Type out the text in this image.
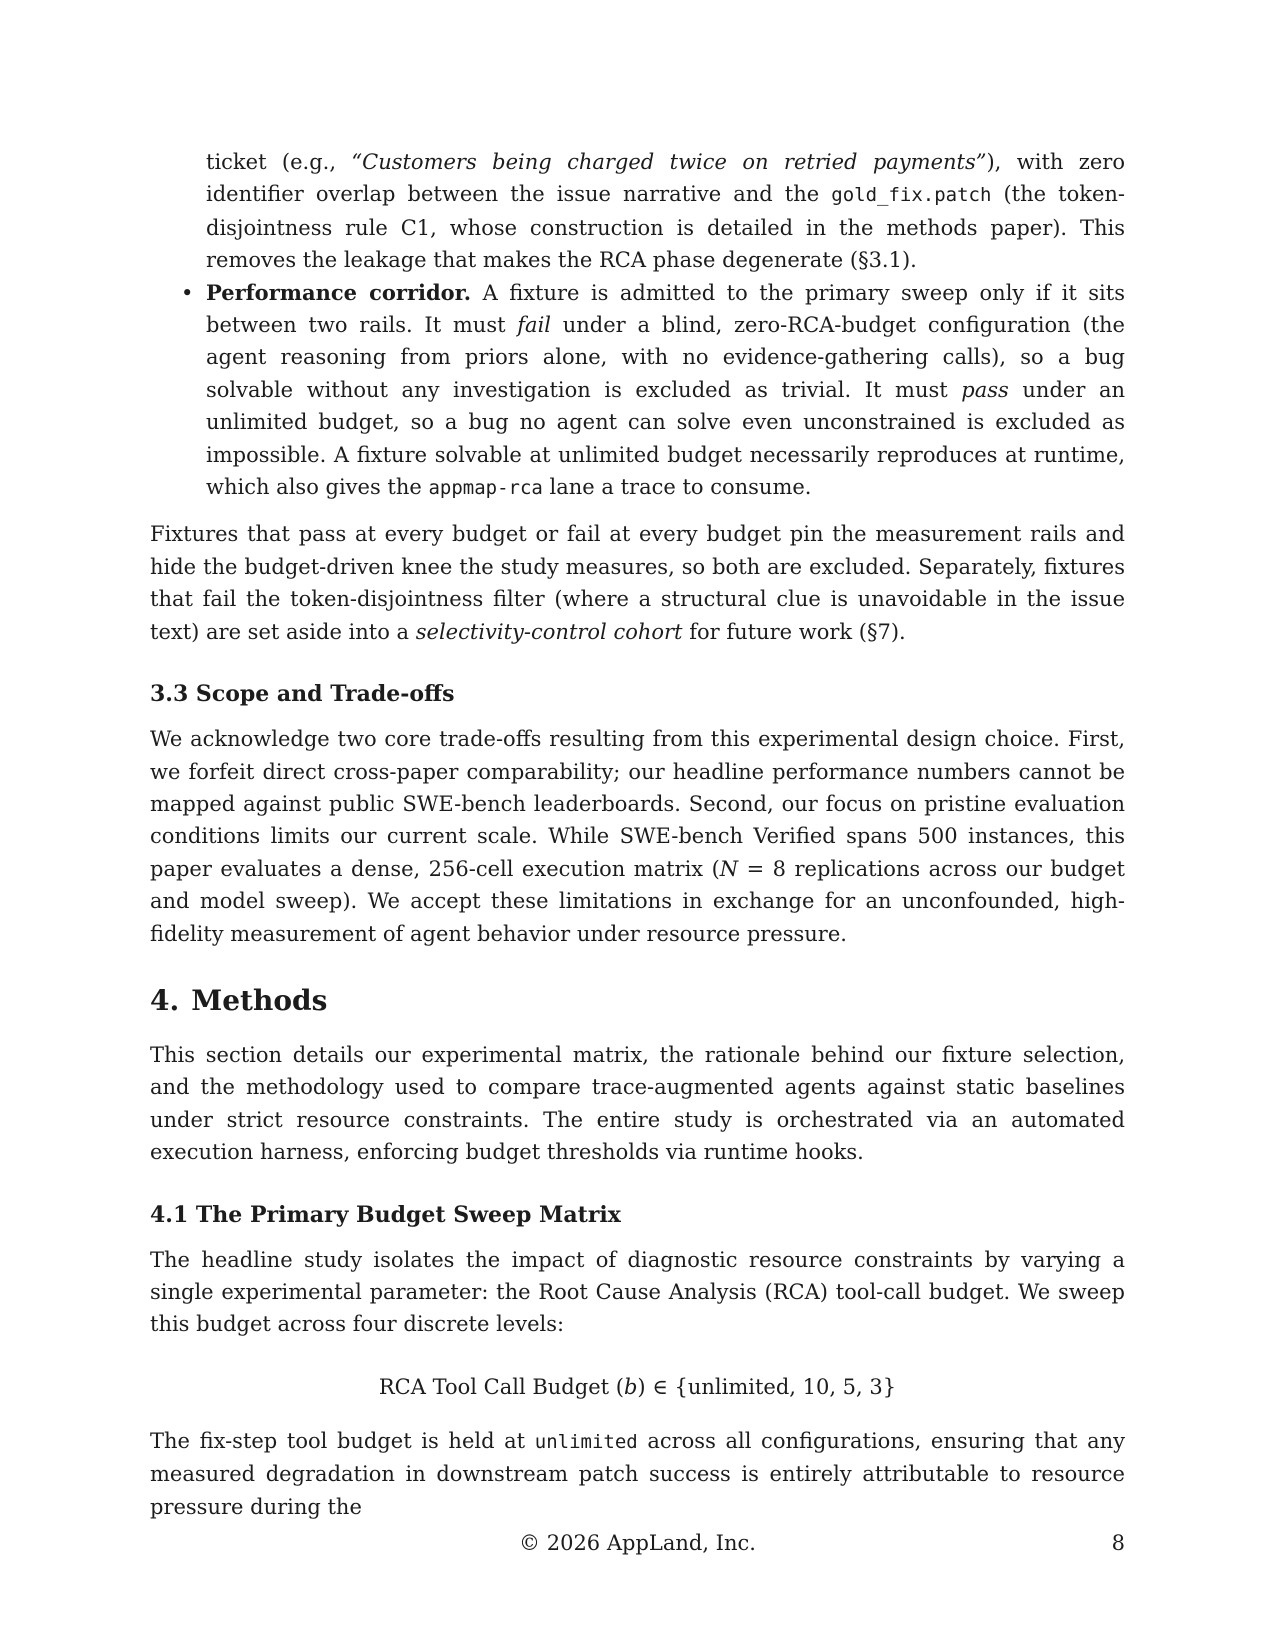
ticket (e.g., “Customers being charged twice on retried payments”), with zero identifier overlap between the issue narrative and the gold_fix.patch (the token-disjointness rule C1, whose construction is detailed in the methods paper). This removes the leakage that makes the RCA phase degenerate (§3.1).
• Performance corridor. A fixture is admitted to the primary sweep only if it sits between two rails. It must fail under a blind, zero-RCA-budget configuration (the agent reasoning from priors alone, with no evidence-gathering calls), so a bug solvable without any investigation is excluded as trivial. It must pass under an unlimited budget, so a bug no agent can solve even unconstrained is excluded as impossible. A fixture solvable at unlimited budget necessarily reproduces at runtime, which also gives the appmap-rca lane a trace to consume.

Fixtures that pass at every budget or fail at every budget pin the measurement rails and hide the budget-driven knee the study measures, so both are excluded. Separately, fixtures that fail the token-disjointness filter (where a structural clue is unavoidable in the issue text) are set aside into a selectivity-control cohort for future work (§7).

3.3 Scope and Trade-offs

We acknowledge two core trade-offs resulting from this experimental design choice. First, we forfeit direct cross-paper comparability; our headline performance numbers cannot be mapped against public SWE-bench leaderboards. Second, our focus on pristine evaluation conditions limits our current scale. While SWE-bench Verified spans 500 instances, this paper evaluates a dense, 256-cell execution matrix (N = 8 replications across our budget and model sweep). We accept these limitations in exchange for an unconfounded, high-fidelity measurement of agent behavior under resource pressure.

4. Methods

This section details our experimental matrix, the rationale behind our fixture selection, and the methodology used to compare trace-augmented agents against static baselines under strict resource constraints. The entire study is orchestrated via an automated execution harness, enforcing budget thresholds via runtime hooks.

4.1 The Primary Budget Sweep Matrix

The headline study isolates the impact of diagnostic resource constraints by varying a single experimental parameter: the Root Cause Analysis (RCA) tool-call budget. We sweep this budget across four discrete levels:

RCA Tool Call Budget (b) ∈ {unlimited, 10, 5, 3}

The fix-step tool budget is held at unlimited across all configurations, ensuring that any measured degradation in downstream patch success is entirely attributable to resource pressure during the

© 2026 AppLand, Inc.	8
